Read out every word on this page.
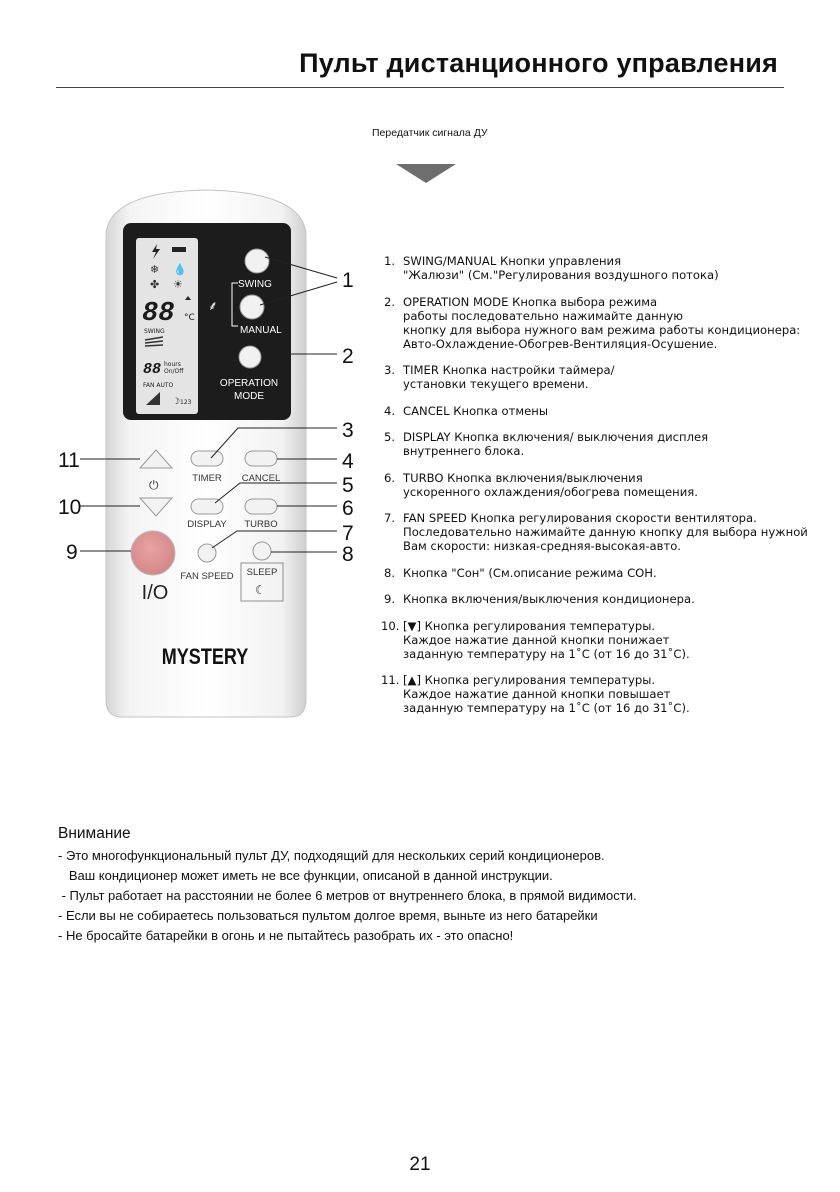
Пульт дистанционного управления
Передатчик сигнала ДУ
❄ 💧
✤ ☀
88 °C
SWING
88 hours
On/Off
FAN AUTO
☽ 123
SWING
MANUAL
⸙
OPERATION
MODE
⏻	TIMER CANCEL
DISPLAY TURBO
FAN SPEED SLEEP
☾
I/O
MYSTERY
1
2
3
4
5
6
7
8
9
10
11
1. SWING/MANUAL Кнопки управления
"Жалюзи" (См."Регулирования воздушного потока)
2. OPERATION MODE Кнопка выбора режима
работы последовательно нажимайте данную
кнопку для выбора нужного вам режима работы кондиционера:
Авто-Охлаждение-Обогрев-Вентиляция-Осушение.
3. TIMER Кнопка настройки таймера/
установки текущего времени.
4. CANCEL Кнопка отмены
5. DISPLAY Кнопка включения/ выключения дисплея
внутреннего блока.
6. TURBO Кнопка включения/выключения
ускоренного охлаждения/обогрева помещения.
7. FAN SPEED Кнопка регулирования скорости вентилятора.
Последовательно нажимайте данную кнопку для выбора нужной
Вам скорости: низкая-средняя-высокая-авто.
8. Кнопка "Сон" (См.описание режима СОН.
9. Кнопка включения/выключения кондиционера.
10. [▼] Кнопка регулирования температуры.
Каждое нажатие данной кнопки понижает
заданную температуру на 1˚С (от 16 до 31˚С).
11. [▲] Кнопка регулирования температуры.
Каждое нажатие данной кнопки повышает
заданную температуру на 1˚С (от 16 до 31˚С).
Внимание
- Это многофункциональный пульт ДУ, подходящий для нескольких серий кондиционеров.
Ваш кондиционер может иметь не все функции, описаной в данной инструкции.
- Пульт работает на расстоянии не более 6 метров от внутреннего блока, в прямой видимости.
- Если вы не собираетесь пользоваться пультом долгое время, выньте из него батарейки
- Не бросайте батарейки в огонь и не пытайтесь разобрать их - это опасно!
21
